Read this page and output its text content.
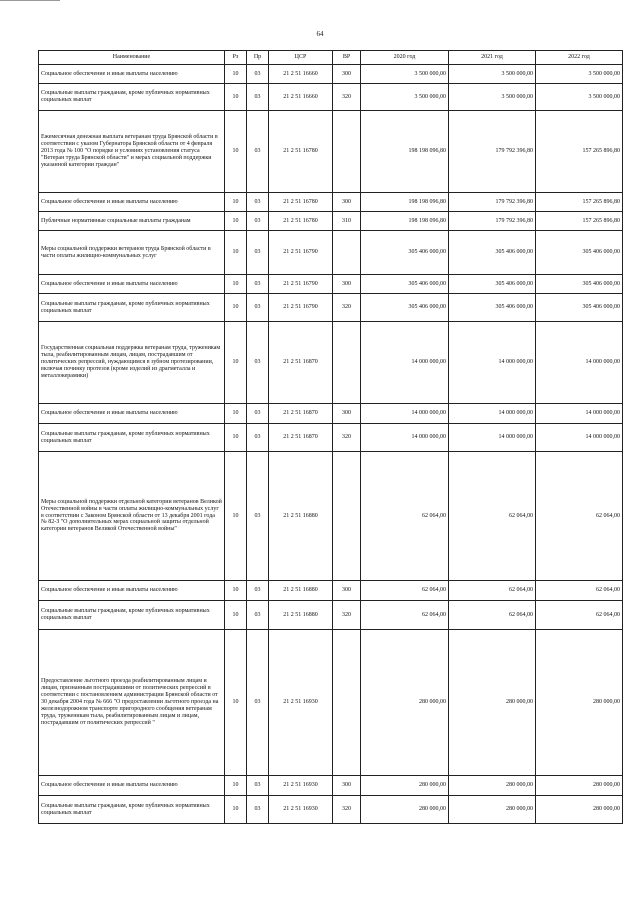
64
Наименование	Рз	Пр	ЦСР	ВР	2020 год	2021 год	2022 год
Социальное обеспечение и иные выплаты населению	10	03	21 2 51 16660	300	3 500 000,00	3 500 000,00	3 500 000,00
Социальные выплаты гражданам, кроме публичных нормативных социальных выплат	10	03	21 2 51 16660	320	3 500 000,00	3 500 000,00	3 500 000,00
Ежемесячная денежная выплата ветеранам труда Брянской области в соответствии с указом Губернатора Брянской области от 4 февраля 2013 года № 100 "О порядке и условиях установления статуса "Ветеран труда Брянской области" и мерах социальной поддержки указанной категории граждан"	10	03	21 2 51 16780		198 198 096,80	179 792 396,80	157 265 896,80
Социальное обеспечение и иные выплаты населению	10	03	21 2 51 16780	300	198 198 096,80	179 792 396,80	157 265 896,80
Публичные нормативные социальные выплаты гражданам	10	03	21 2 51 16780	310	198 198 096,80	179 792 396,80	157 265 896,80
Меры социальной поддержки ветеранов труда Брянской области в части оплаты жилищно-коммунальных услуг	10	03	21 2 51 16790		305 406 000,00	305 406 000,00	305 406 000,00
Социальное обеспечение и иные выплаты населению	10	03	21 2 51 16790	300	305 406 000,00	305 406 000,00	305 406 000,00
Социальные выплаты гражданам, кроме публичных нормативных социальных выплат	10	03	21 2 51 16790	320	305 406 000,00	305 406 000,00	305 406 000,00
Государственная социальная поддержка ветеранам труда, труженикам тыла, реабилитированным лицам, лицам, пострадавшим от политических репрессий, нуждающимся в зубном протезировании, включая починку протезов (кроме изделий из драгметалла и металлокерамики)	10	03	21 2 51 16870		14 000 000,00	14 000 000,00	14 000 000,00
Социальное обеспечение и иные выплаты населению	10	03	21 2 51 16870	300	14 000 000,00	14 000 000,00	14 000 000,00
Социальные выплаты гражданам, кроме публичных нормативных социальных выплат	10	03	21 2 51 16870	320	14 000 000,00	14 000 000,00	14 000 000,00
Меры социальной поддержки отдельной категории ветеранов Великой Отечественной войны в части оплаты жилищно-коммунальных услуг в соответствии с Законом Брянской области от 13 декабря 2001 года № 82-З "О дополнительных мерах социальной защиты отдельной категории ветеранов Великой Отечественной войны"	10	03	21 2 51 16880		62 064,00	62 064,00	62 064,00
Социальное обеспечение и иные выплаты населению	10	03	21 2 51 16880	300	62 064,00	62 064,00	62 064,00
Социальные выплаты гражданам, кроме публичных нормативных социальных выплат	10	03	21 2 51 16880	320	62 064,00	62 064,00	62 064,00
Предоставление льготного проезда реабилитированным лицам и лицам, признанным пострадавшими от политических репрессий в соответствии с постановлением администрации Брянской области от 30 декабря 2004 года № 666 "О предоставлении льготного проезда на железнодорожном транспорте пригородного сообщения ветеранам труда, труженикам тыла, реабилитированным лицам и лицам, пострадавшим от политических репрессий "	10	03	21 2 51 16930		280 000,00	280 000,00	280 000,00
Социальное обеспечение и иные выплаты населению	10	03	21 2 51 16930	300	280 000,00	280 000,00	280 000,00
Социальные выплаты гражданам, кроме публичных нормативных социальных выплат	10	03	21 2 51 16930	320	280 000,00	280 000,00	280 000,00
